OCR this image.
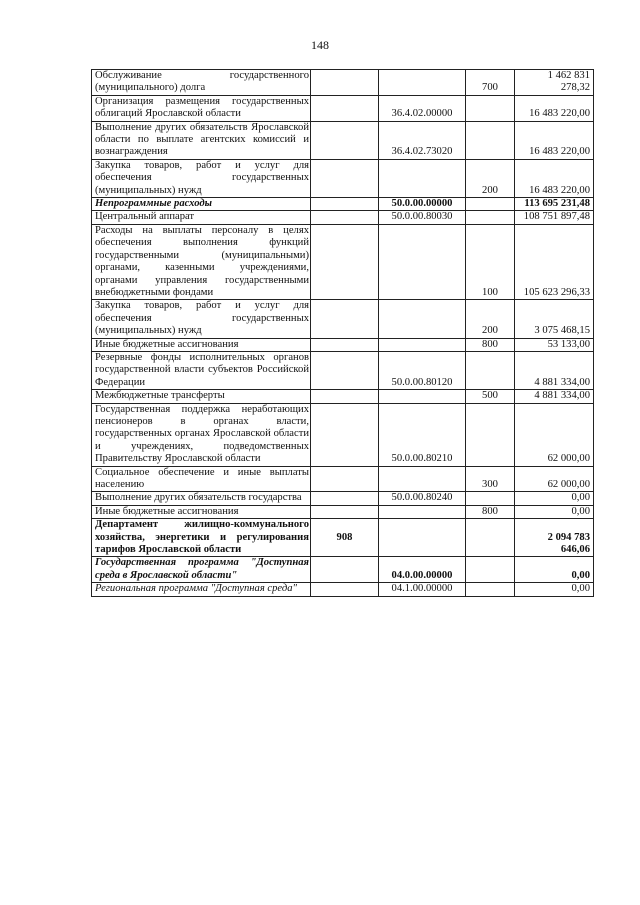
148
Обслуживание государственного (муниципального) долга			700	1 462 831 278,32

Организация размещения государственных облигаций Ярославской области		36.4.02.00000		16 483 220,00

Выполнение других обязательств Ярославской области по выплате агентских комиссий и вознаграждения		36.4.02.73020		16 483 220,00

Закупка товаров, работ и услуг для обеспечения государственных (муниципальных) нужд			200	16 483 220,00

Непрограммные расходы		50.0.00.00000		113 695 231,48

Центральный аппарат		50.0.00.80030		108 751 897,48

Расходы на выплаты персоналу в целях обеспечения выполнения функций государственными (муниципальными) органами, казенными учреждениями, органами управления государственными внебюджетными фондами			100	105 623 296,33

Закупка товаров, работ и услуг для обеспечения государственных (муниципальных) нужд			200	3 075 468,15

Иные бюджетные ассигнования			800	53 133,00

Резервные фонды исполнительных органов государственной власти субъектов Российской Федерации		50.0.00.80120		4 881 334,00

Межбюджетные трансферты			500	4 881 334,00

Государственная поддержка неработающих пенсионеров в органах власти, государственных органах Ярославской области и учреждениях, подведомственных Правительству Ярославской области		50.0.00.80210		62 000,00

Социальное обеспечение и иные выплаты населению			300	62 000,00

Выполнение других обязательств государства		50.0.00.80240		0,00

Иные бюджетные ассигнования			800	0,00

Департамент жилищно-коммунального хозяйства, энергетики и регулирования тарифов Ярославской области	908			2 094 783 646,06

Государственная программа "Доступная среда в Ярославской области"		04.0.00.00000		0,00

Региональная программа "Доступная среда"		04.1.00.00000		0,00
